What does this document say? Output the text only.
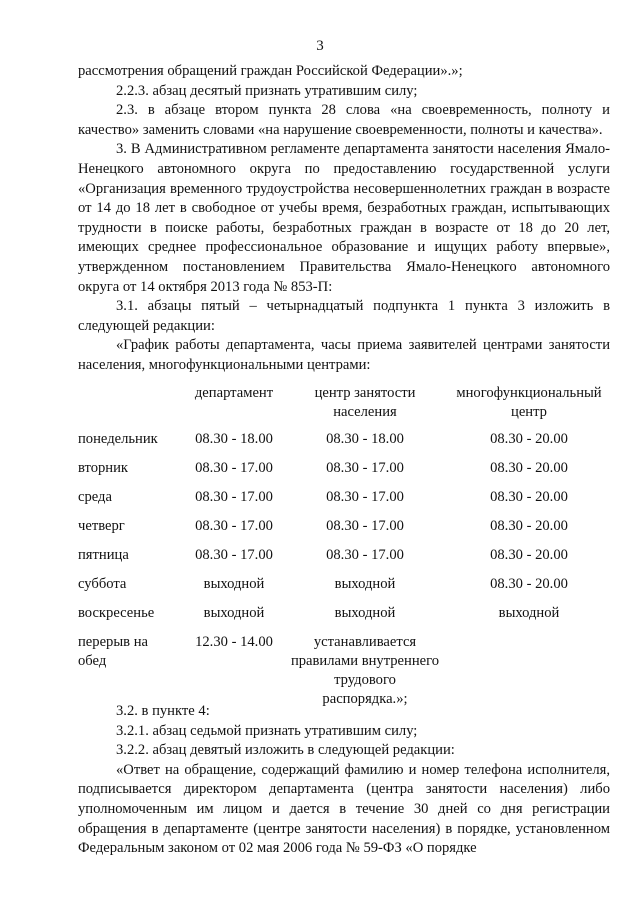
3

рассмотрения обращений граждан Российской Федерации».»;

2.2.3. абзац десятый признать утратившим силу;

2.3. в абзаце втором пункта 28 слова «на своевременность, полноту и качество» заменить словами «на нарушение своевременности, полноты и качества».

3. В Административном регламенте департамента занятости населения Ямало-Ненецкого автономного округа по предоставлению государственной услуги «Организация временного трудоустройства несовершеннолетних граждан в возрасте от 14 до 18 лет в свободное от учебы время, безработных граждан, испытывающих трудности в поиске работы, безработных граждан в возрасте от 18 до 20 лет, имеющих среднее профессиональное образование и ищущих работу впервые», утвержденном постановлением Правительства Ямало-Ненецкого автономного округа от 14 октября 2013 года № 853-П:

3.1. абзацы пятый – четырнадцатый подпункта 1 пункта 3 изложить в следующей редакции:

«График работы департамента, часы приема заявителей центрами занятости населения, многофункциональными центрами:

	департамент	центр занятости населения	многофункциональный центр
понедельник	08.30 - 18.00	08.30 - 18.00	08.30 - 20.00
вторник	08.30 - 17.00	08.30 - 17.00	08.30 - 20.00
среда	08.30 - 17.00	08.30 - 17.00	08.30 - 20.00
четверг	08.30 - 17.00	08.30 - 17.00	08.30 - 20.00
пятница	08.30 - 17.00	08.30 - 17.00	08.30 - 20.00
суббота	выходной	выходной	08.30 - 20.00
воскресенье	выходной	выходной	выходной
перерыв на обед	12.30 - 14.00	устанавливается правилами внутреннего трудового распорядка.»;	

3.2. в пункте 4:

3.2.1. абзац седьмой признать утратившим силу;

3.2.2. абзац девятый изложить в следующей редакции:

«Ответ на обращение, содержащий фамилию и номер телефона исполнителя, подписывается директором департамента (центра занятости населения) либо уполномоченным им лицом и дается в течение 30 дней со дня регистрации обращения в департаменте (центре занятости населения) в порядке, установленном Федеральным законом от 02 мая 2006 года № 59-ФЗ «О порядке
